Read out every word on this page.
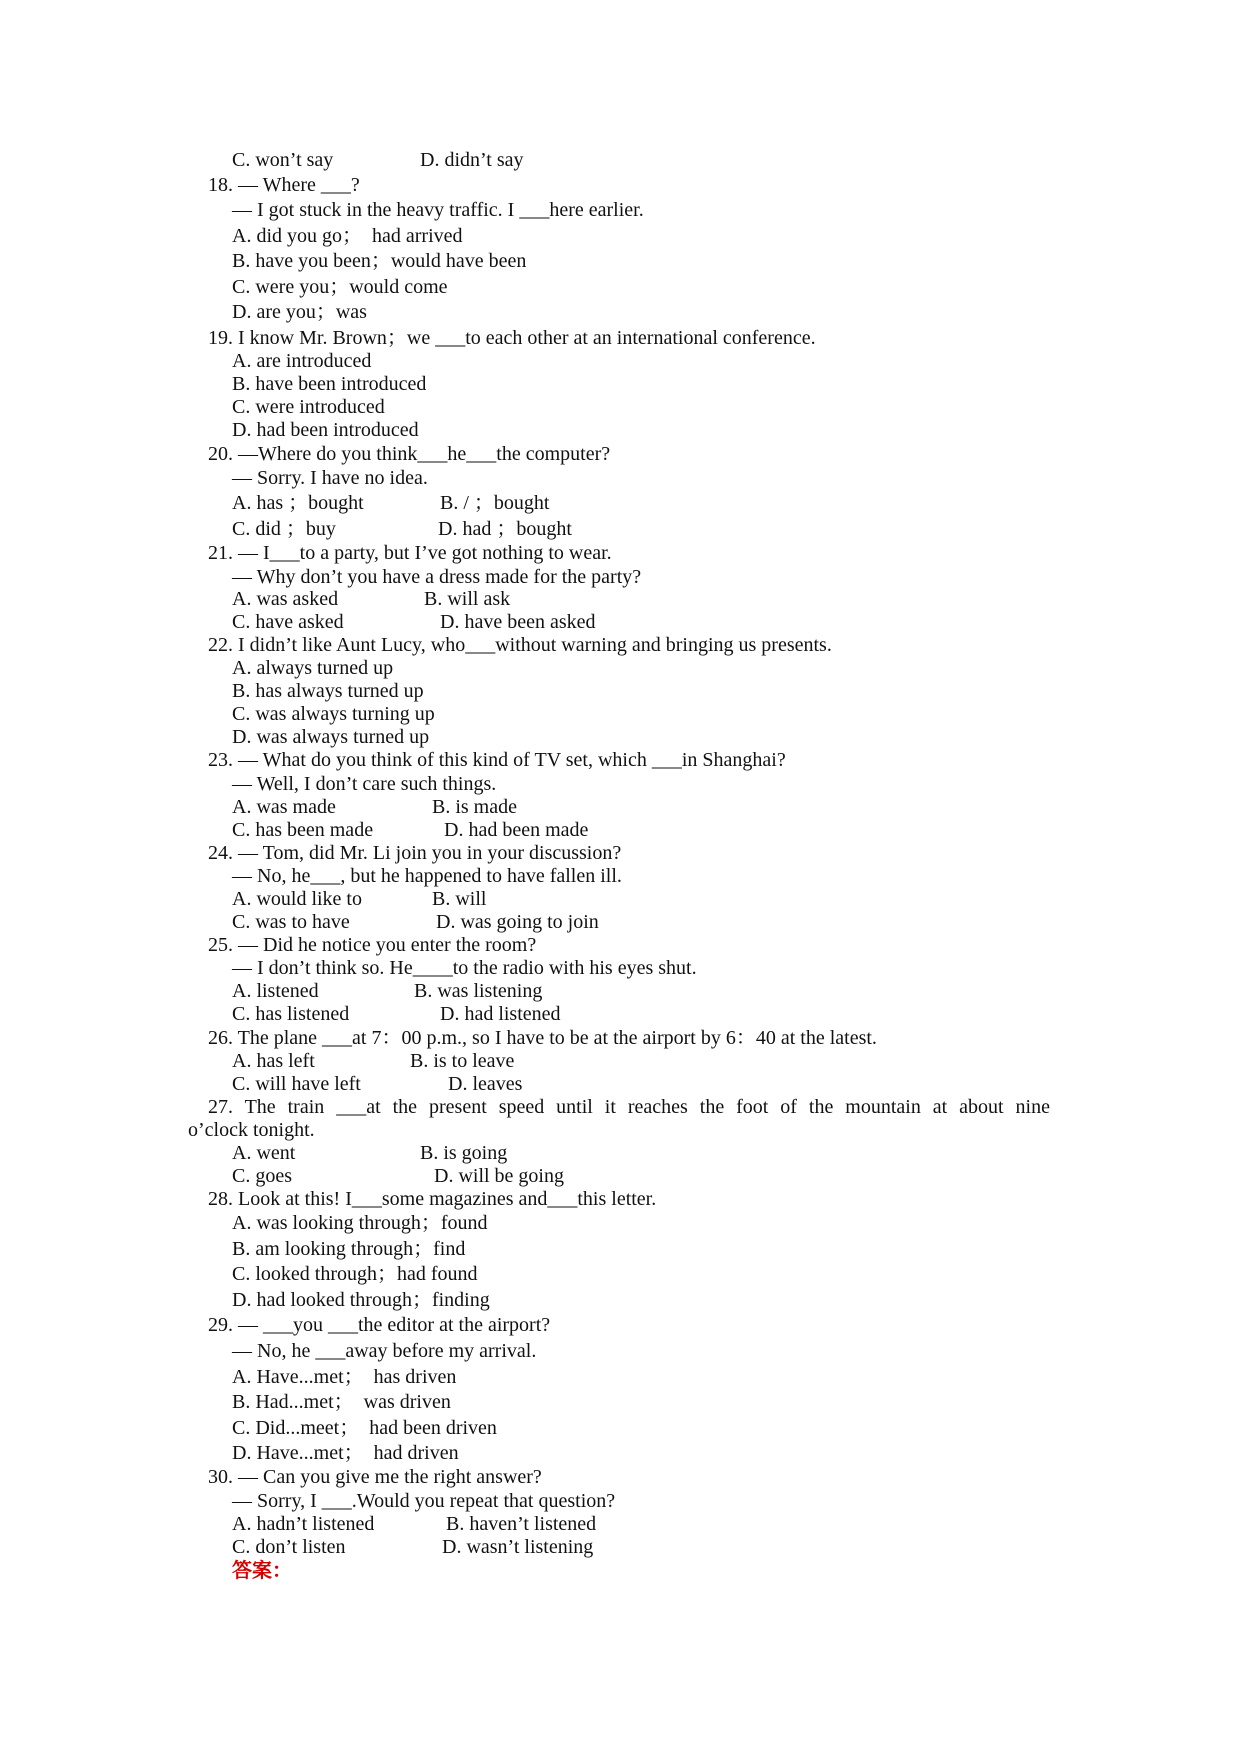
C. won’t say	D. didn’t say
18. — Where ___?
— I got stuck in the heavy traffic. I ___here earlier.
A. did you go；  had arrived
B. have you been；would have been
C. were you；would come
D. are you；was
19. I know Mr. Brown；we ___to each other at an international conference.
A. are introduced
B. have been introduced
C. were introduced
D. had been introduced
20. —Where do you think___he___the computer?
— Sorry. I have no idea.
A. has ；bought	B. / ；bought
C. did ；buy	D. had ；bought
21. — I___to a party, but I’ve got nothing to wear.
— Why don’t you have a dress made for the party?
A. was asked	B. will ask
C. have asked	D. have been asked
22. I didn’t like Aunt Lucy, who___without warning and bringing us presents.
A. always turned up
B. has always turned up
C. was always turning up
D. was always turned up
23. — What do you think of this kind of TV set, which ___in Shanghai?
— Well, I don’t care such things.
A. was made	B. is made
C. has been made	D. had been made
24. — Tom, did Mr. Li join you in your discussion?
— No, he___, but he happened to have fallen ill.
A. would like to	B. will
C. was to have	D. was going to join
25. — Did he notice you enter the room?
— I don’t think so. He____to the radio with his eyes shut.
A. listened	B. was listening
C. has listened	D. had listened
26. The plane ___at 7：00 p.m., so I have to be at the airport by 6：40 at the latest.
A. has left	B. is to leave
C. will have left	D. leaves
27. The train ___at the present speed until it reaches the foot of the mountain at about nine
o’clock tonight.
A. went	B. is going
C. goes	D. will be going
28. Look at this! I___some magazines and___this letter.
A. was looking through；found
B. am looking through；find
C. looked through；had found
D. had looked through；finding
29. — ___you ___the editor at the airport?
— No, he ___away before my arrival.
A. Have...met；  has driven
B. Had...met；  was driven
C. Did...meet；  had been driven
D. Have...met；  had driven
30. — Can you give me the right answer?
— Sorry, I ___.Would you repeat that question?
A. hadn’t listened	B. haven’t listened
C. don’t listen	D. wasn’t listening
答案：
